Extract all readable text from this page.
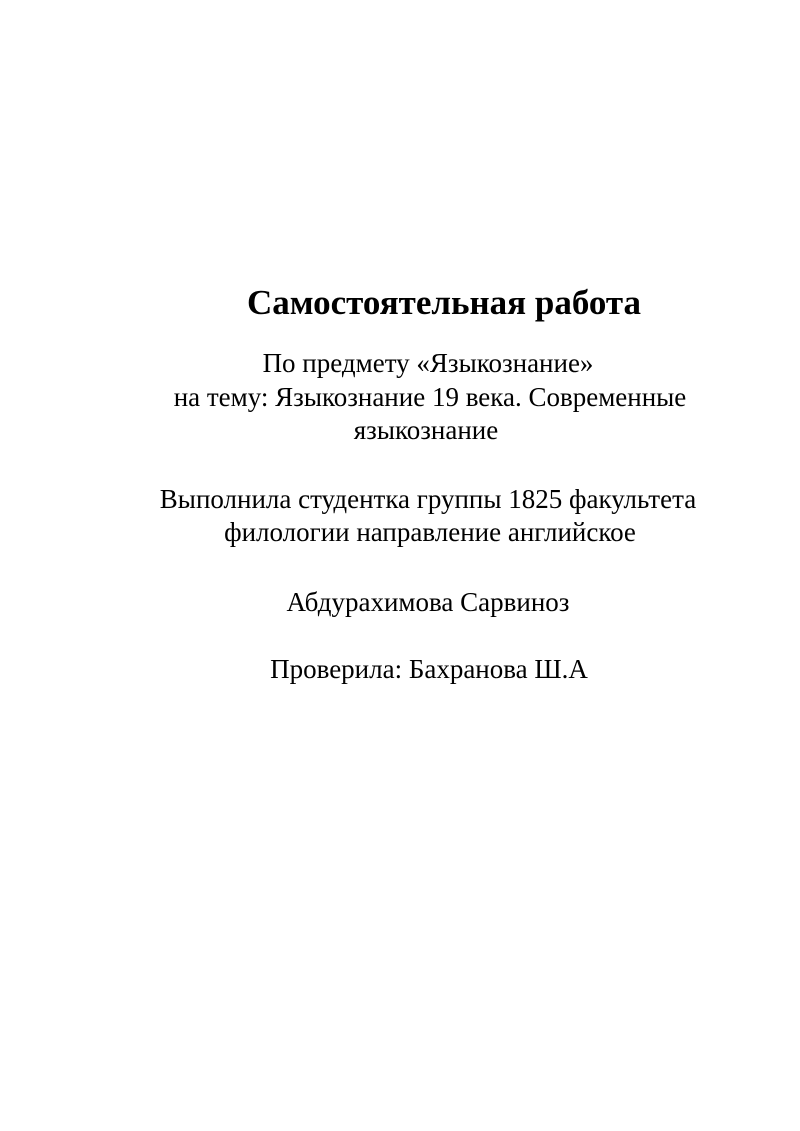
Самостоятельная работа
По предмету «Языкознание»
на тему: Языкознание 19 века. Современные
языкознание
Выполнила студентка группы 1825 факультета
филологии направление английское
Абдурахимова Сарвиноз
Проверила: Бахранова Ш.А
